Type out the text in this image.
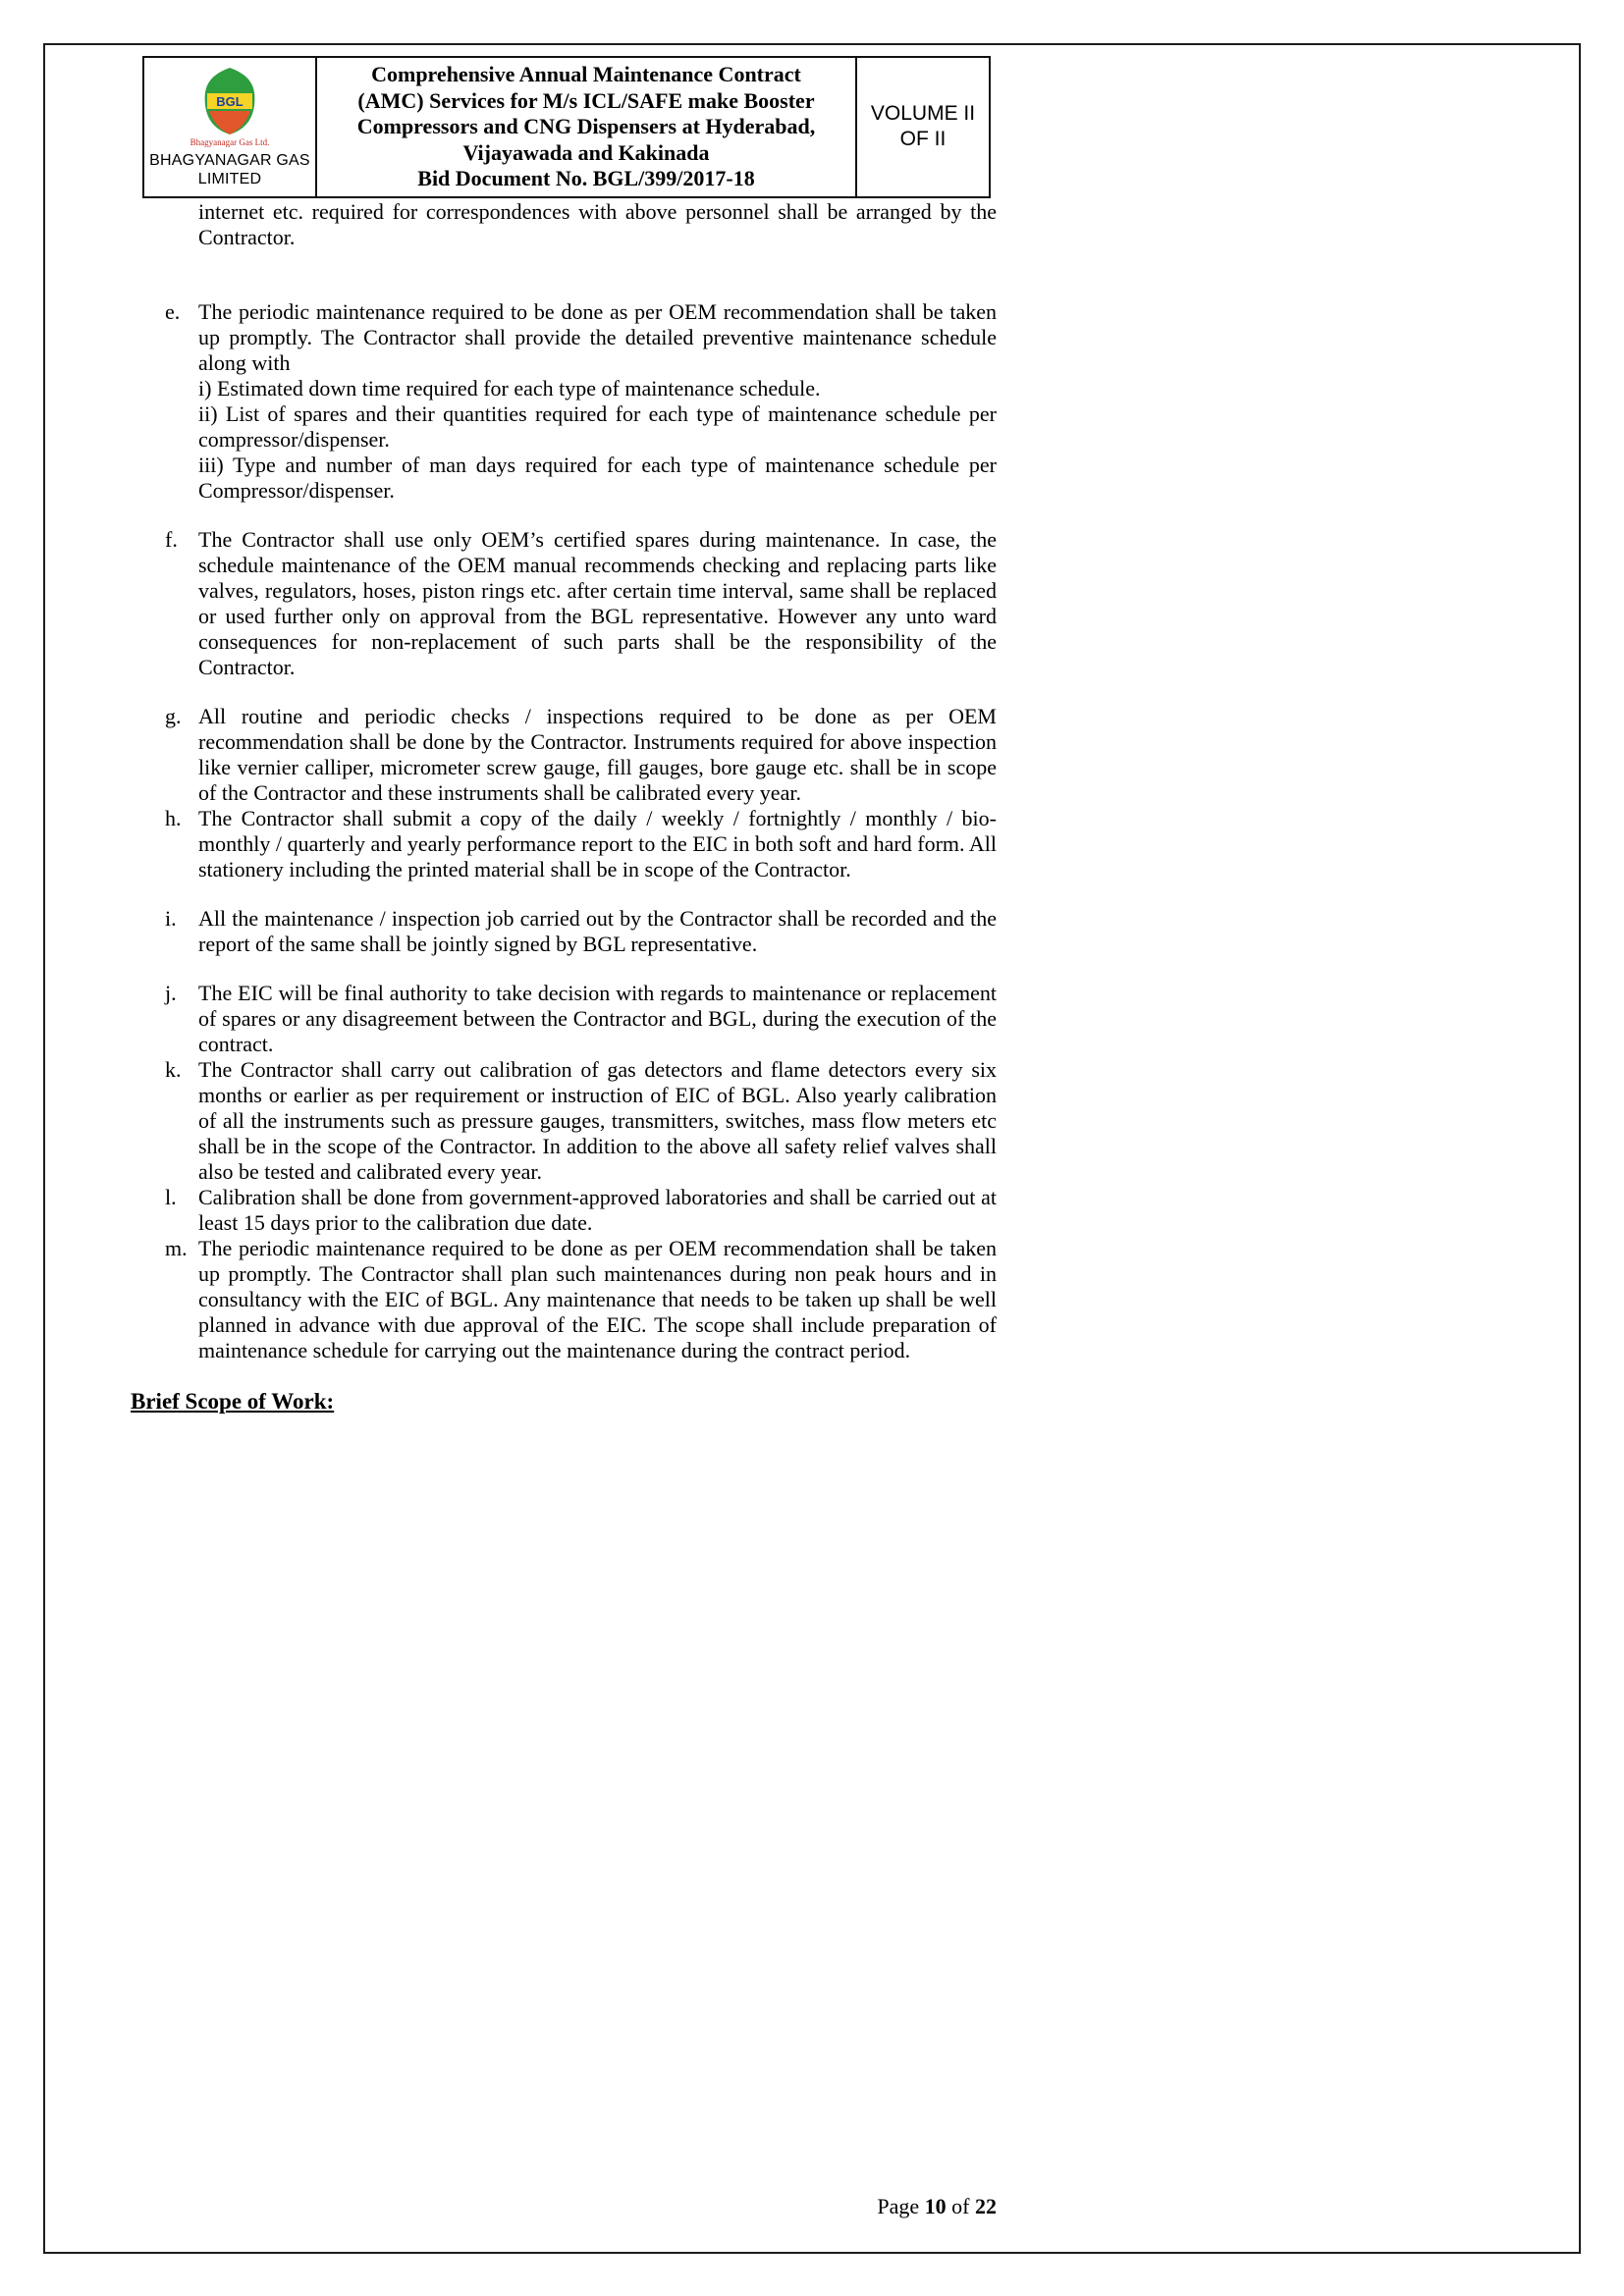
BGL
Bhagyanagar Gas Ltd.
BHAGYANAGAR GAS
LIMITED
Comprehensive Annual Maintenance Contract
(AMC) Services for M/s ICL/SAFE make Booster
Compressors and CNG Dispensers at Hyderabad,
Vijayawada and Kakinada
Bid Document No. BGL/399/2017-18
VOLUME II
OF II

internet etc. required for correspondences with above personnel shall be arranged by the Contractor.

e. The periodic maintenance required to be done as per OEM recommendation shall be taken up promptly. The Contractor shall provide the detailed preventive maintenance schedule along with
i) Estimated down time required for each type of maintenance schedule.
ii) List of spares and their quantities required for each type of maintenance schedule per compressor/dispenser.
iii) Type and number of man days required for each type of maintenance schedule per Compressor/dispenser.
f. The Contractor shall use only OEM’s certified spares during maintenance. In case, the schedule maintenance of the OEM manual recommends checking and replacing parts like valves, regulators, hoses, piston rings etc. after certain time interval, same shall be replaced or used further only on approval from the BGL representative. However any unto ward consequences for non-replacement of such parts shall be the responsibility of the Contractor.
g. All routine and periodic checks / inspections required to be done as per OEM recommendation shall be done by the Contractor. Instruments required for above inspection like vernier calliper, micrometer screw gauge, fill gauges, bore gauge etc. shall be in scope of the Contractor and these instruments shall be calibrated every year.
h. The Contractor shall submit a copy of the daily / weekly / fortnightly / monthly / bio-monthly / quarterly and yearly performance report to the EIC in both soft and hard form. All stationery including the printed material shall be in scope of the Contractor.
i.	All the maintenance / inspection job carried out by the Contractor shall be recorded and the report of the same shall be jointly signed by BGL representative.
j.	The EIC will be final authority to take decision with regards to maintenance or replacement of spares or any disagreement between the Contractor and BGL, during the execution of the contract.
k. The Contractor shall carry out calibration of gas detectors and flame detectors every six months or earlier as per requirement or instruction of EIC of BGL. Also yearly calibration of all the instruments such as pressure gauges, transmitters, switches, mass flow meters etc shall be in the scope of the Contractor. In addition to the above all safety relief valves shall also be tested and calibrated every year.
l.	Calibration shall be done from government-approved laboratories and shall be carried out at least 15 days prior to the calibration due date.
m. The periodic maintenance required to be done as per OEM recommendation shall be taken up promptly. The Contractor shall plan such maintenances during non peak hours and in consultancy with the EIC of BGL. Any maintenance that needs to be taken up shall be well planned in advance with due approval of the EIC. The scope shall include preparation of maintenance schedule for carrying out the maintenance during the contract period.
Brief Scope of Work:
Page 10 of 22
